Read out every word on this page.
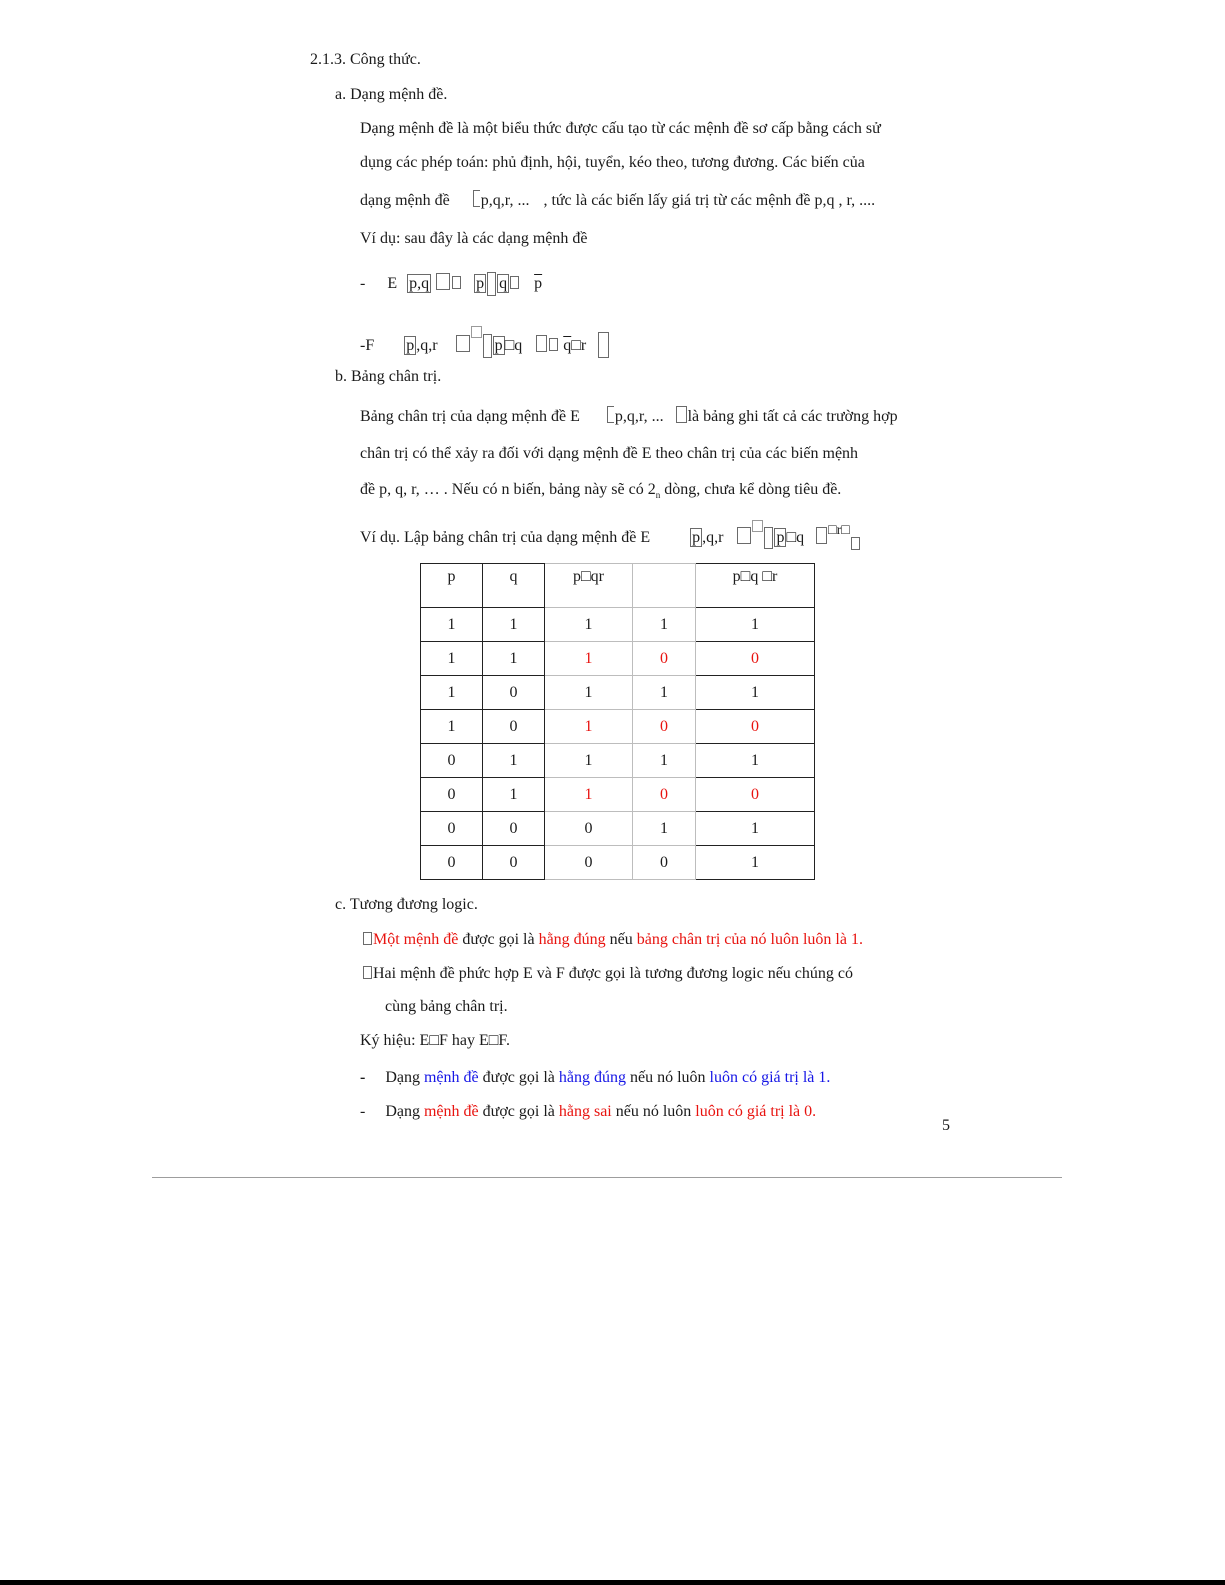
2.1.3. Công thức.
a. Dạng mệnh đề.
Dạng mệnh đề là một biểu thức được cấu tạo từ các mệnh đề sơ cấp bằng cách sử
dụng các phép toán: phủ định, hội, tuyển, kéo theo, tương đương. Các biến của
dạng mệnh đề p,q,r, ... , tức là các biến lấy giá trị từ các mệnh đề p,q , r, ....
Ví dụ: sau đây là các dạng mệnh đề
- E p,q	p q $\overline{p}$
-F p ,q,r	p □q $\overline{q}□r$
b. Bảng chân trị.
Bảng chân trị của dạng mệnh đề E p,q,r, ... là bảng ghi tất cả các trường hợp
chân trị có thể xảy ra đối với dạng mệnh đề E theo chân trị của các biến mệnh
đề p, q, r, … . Nếu có n biến, bảng này sẽ có $2_n$ dòng, chưa kể dòng tiêu đề.
Ví dụ. Lập bảng chân trị của dạng mệnh đề E	p ,q,r	p □q □r□
p	q	p□qr		p□q □r
1	1	1	1	1
1	1	1	0	0
1	0	1	1	1
1	0	1	0	0
0	1	1	1	1
0	1	1	0	0
0	0	0	1	1
0	0	0	0	1
c. Tương đương logic.
Một mệnh đề được gọi là hằng đúng nếu bảng chân trị của nó luôn luôn là 1.
Hai mệnh đề phức hợp E và F được gọi là tương đương logic nếu chúng có
cùng bảng chân trị.
Ký hiệu: E□F hay E□F.
- Dạng mệnh đề được gọi là hằng đúng nếu nó luôn luôn có giá trị là 1.
- Dạng mệnh đề được gọi là hằng sai nếu nó luôn luôn có giá trị là 0.
5
